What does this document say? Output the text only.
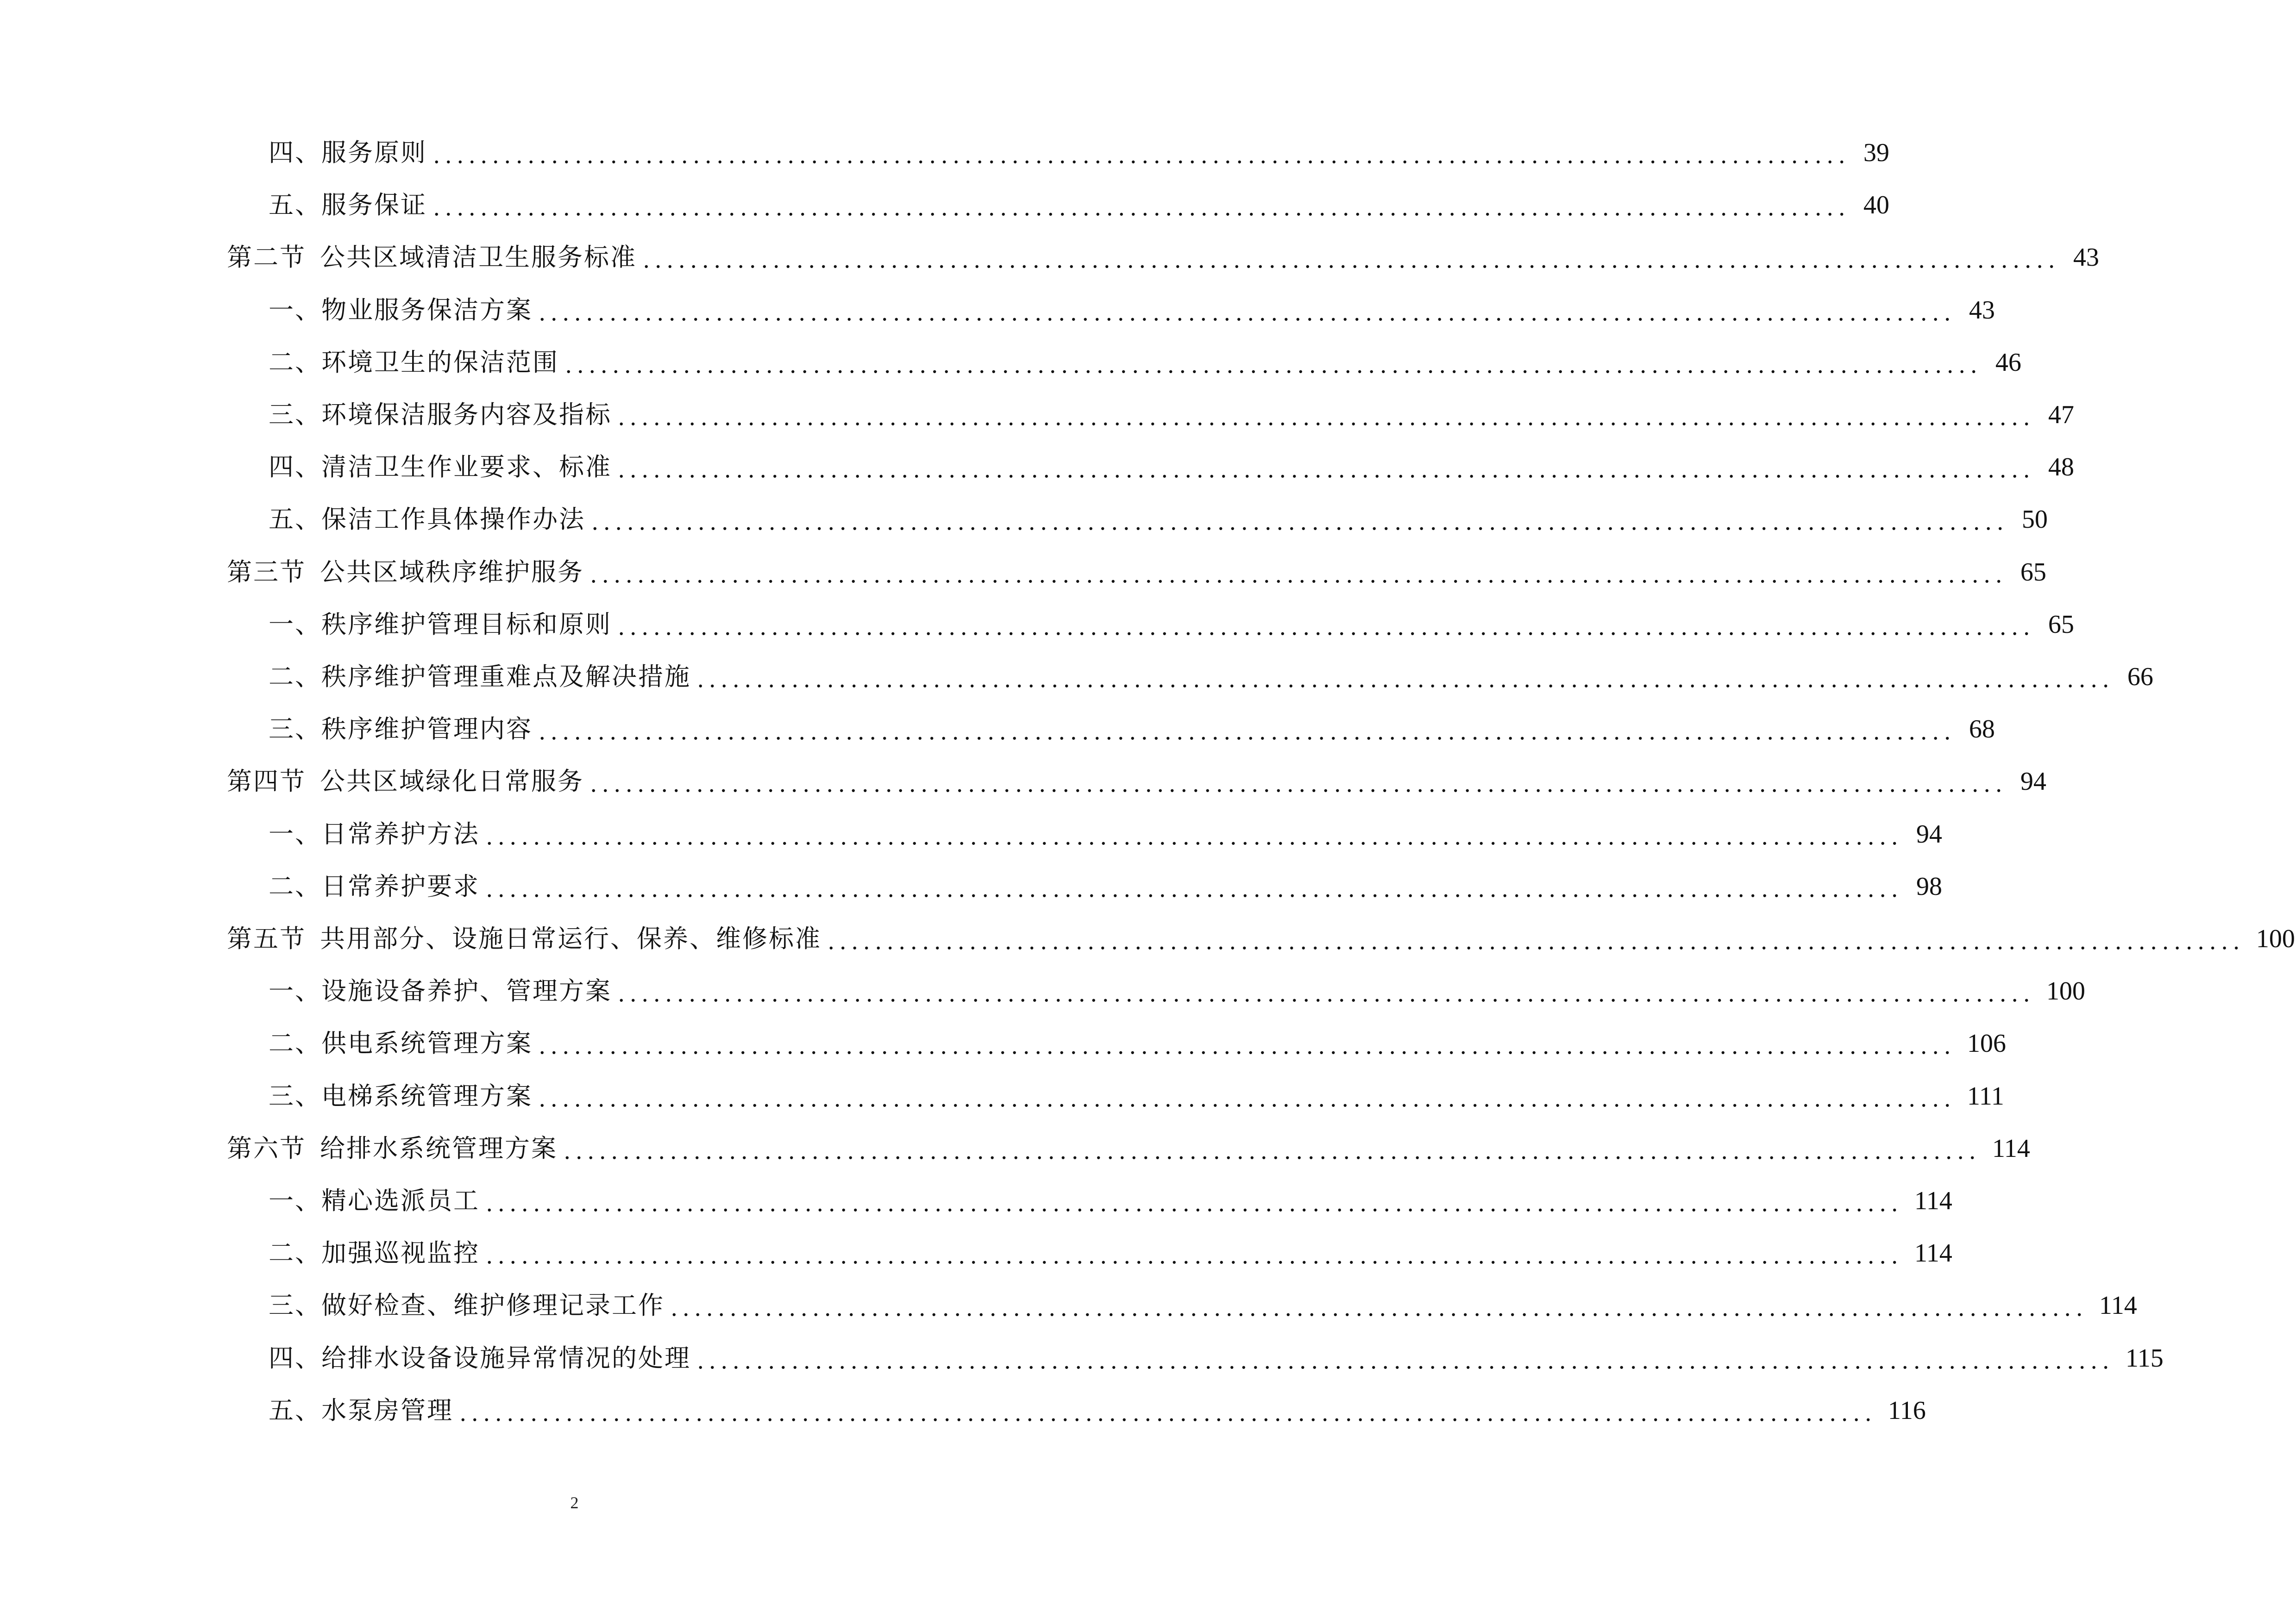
四、服务原则 ........................................................................................................................ 39
五、服务保证 ........................................................................................................................ 40
第二节 公共区域清洁卫生服务标准 ........................................................................................................................ 43
一、物业服务保洁方案 ........................................................................................................................ 43
二、环境卫生的保洁范围 ........................................................................................................................ 46
三、环境保洁服务内容及指标 ........................................................................................................................ 47
四、清洁卫生作业要求、标准 ........................................................................................................................ 48
五、保洁工作具体操作办法 ........................................................................................................................ 50
第三节 公共区域秩序维护服务 ........................................................................................................................ 65
一、秩序维护管理目标和原则 ........................................................................................................................ 65
二、秩序维护管理重难点及解决措施 ........................................................................................................................ 66
三、秩序维护管理内容 ........................................................................................................................ 68
第四节 公共区域绿化日常服务 ........................................................................................................................ 94
一、日常养护方法 ........................................................................................................................ 94
二、日常养护要求 ........................................................................................................................ 98
第五节 共用部分、设施日常运行、保养、维修标准 ........................................................................................................................ 100
一、设施设备养护、管理方案 ........................................................................................................................ 100
二、供电系统管理方案 ........................................................................................................................ 106
三、电梯系统管理方案 ........................................................................................................................ 111
第六节 给排水系统管理方案 ........................................................................................................................ 114
一、精心选派员工 ........................................................................................................................ 114
二、加强巡视监控 ........................................................................................................................ 114
三、做好检查、维护修理记录工作 ........................................................................................................................ 114
四、给排水设备设施异常情况的处理 ........................................................................................................................ 115
五、水泵房管理 ........................................................................................................................ 116
2
